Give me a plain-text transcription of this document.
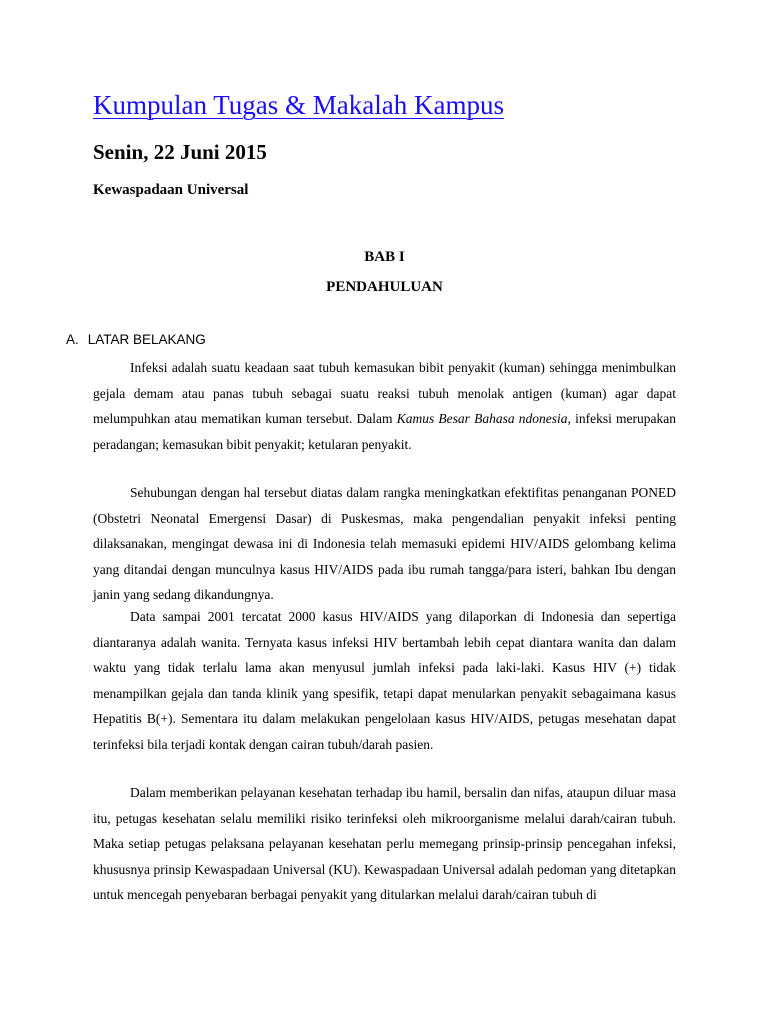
Kumpulan Tugas & Makalah Kampus
Senin, 22 Juni 2015
Kewaspadaan Universal
BAB I
PENDAHULUAN
A. LATAR BELAKANG

Infeksi adalah suatu keadaan saat tubuh kemasukan bibit penyakit (kuman) sehingga menimbulkan gejala demam atau panas tubuh sebagai suatu reaksi tubuh menolak antigen (kuman) agar dapat melumpuhkan atau mematikan kuman tersebut. Dalam Kamus Besar Bahasa ndonesia, infeksi merupakan peradangan; kemasukan bibit penyakit; ketularan penyakit.

Sehubungan dengan hal tersebut diatas dalam rangka meningkatkan efektifitas penanganan PONED (Obstetri Neonatal Emergensi Dasar) di Puskesmas, maka pengendalian penyakit infeksi penting dilaksanakan, mengingat dewasa ini di Indonesia telah memasuki epidemi HIV/AIDS gelombang kelima yang ditandai dengan munculnya kasus HIV/AIDS pada ibu rumah tangga/para isteri, bahkan Ibu dengan janin yang sedang dikandungnya.

Data sampai 2001 tercatat 2000 kasus HIV/AIDS yang dilaporkan di Indonesia dan sepertiga diantaranya adalah wanita. Ternyata kasus infeksi HIV bertambah lebih cepat diantara wanita dan dalam waktu yang tidak terlalu lama akan menyusul jumlah infeksi pada laki-laki. Kasus HIV (+) tidak menampilkan gejala dan tanda klinik yang spesifik, tetapi dapat menularkan penyakit sebagaimana kasus Hepatitis B(+). Sementara itu dalam melakukan pengelolaan kasus HIV/AIDS, petugas mesehatan dapat terinfeksi bila terjadi kontak dengan cairan tubuh/darah pasien.

Dalam memberikan pelayanan kesehatan terhadap ibu hamil, bersalin dan nifas, ataupun diluar masa itu, petugas kesehatan selalu memiliki risiko terinfeksi oleh mikroorganisme melalui darah/cairan tubuh. Maka setiap petugas pelaksana pelayanan kesehatan perlu memegang prinsip-prinsip pencegahan infeksi, khususnya prinsip Kewaspadaan Universal (KU). Kewaspadaan Universal adalah pedoman yang ditetapkan untuk mencegah penyebaran berbagai penyakit yang ditularkan melalui darah/cairan tubuh di
